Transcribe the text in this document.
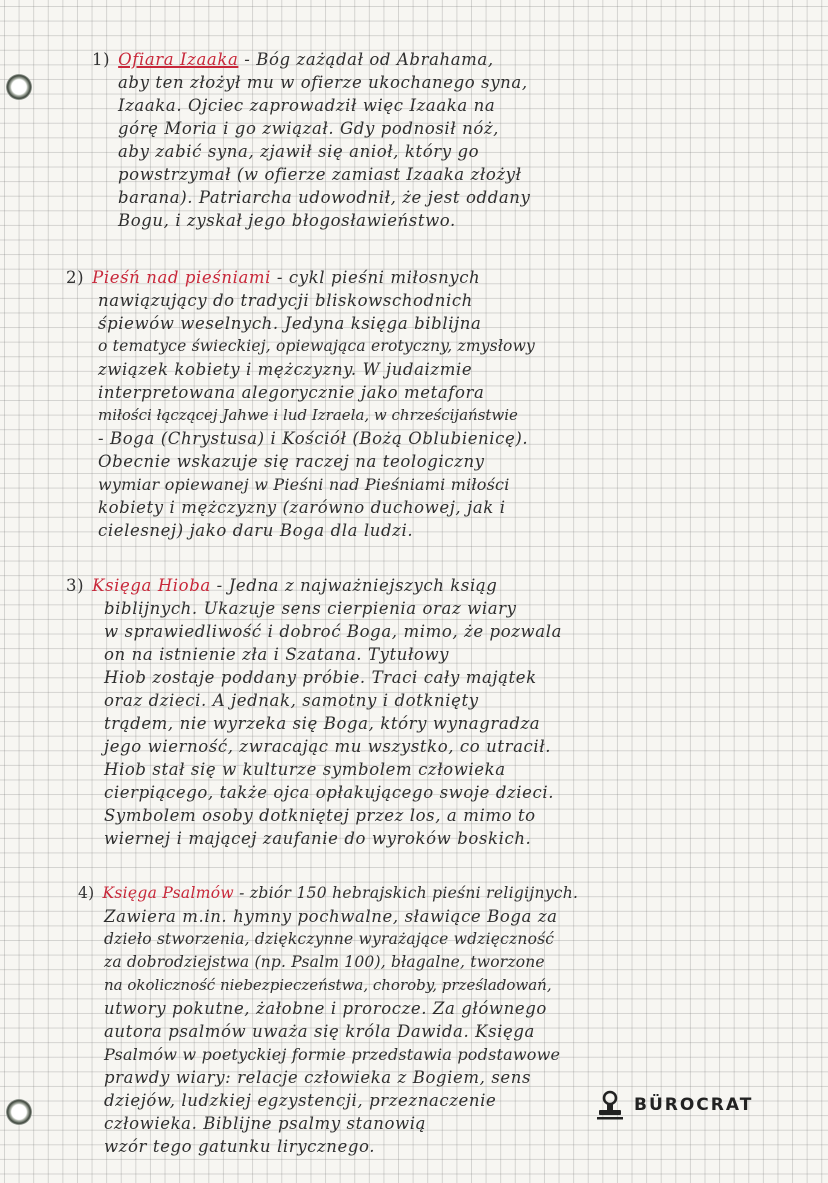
1) Ofiara Izaaka - Bóg zażądał od Abrahama,
aby ten złożył mu w ofierze ukochanego syna,
Izaaka. Ojciec zaprowadził więc Izaaka na
górę Moria i go związał. Gdy podnosił nóż,
aby zabić syna, zjawił się anioł, który go
powstrzymał (w ofierze zamiast Izaaka złożył
barana). Patriarcha udowodnił, że jest oddany
Bogu, i zyskał jego błogosławieństwo.
2) Pieśń nad pieśniami - cykl pieśni miłosnych
nawiązujący do tradycji bliskowschodnich
śpiewów weselnych. Jedyna księga biblijna
o tematyce świeckiej, opiewająca erotyczny, zmysłowy
związek kobiety i mężczyzny. W judaizmie
interpretowana alegorycznie jako metafora
miłości łączącej Jahwe i lud Izraela, w chrześcijaństwie
- Boga (Chrystusa) i Kościół (Bożą Oblubienicę).
Obecnie wskazuje się raczej na teologiczny
wymiar opiewanej w Pieśni nad Pieśniami miłości
kobiety i mężczyzny (zarówno duchowej, jak i
cielesnej) jako daru Boga dla ludzi.
3) Księga Hioba - Jedna z najważniejszych ksiąg
biblijnych. Ukazuje sens cierpienia oraz wiary
w sprawiedliwość i dobroć Boga, mimo, że pozwala
on na istnienie zła i Szatana. Tytułowy
Hiob zostaje poddany próbie. Traci cały majątek
oraz dzieci. A jednak, samotny i dotknięty
trądem, nie wyrzeka się Boga, który wynagradza
jego wierność, zwracając mu wszystko, co utracił.
Hiob stał się w kulturze symbolem człowieka
cierpiącego, także ojca opłakującego swoje dzieci.
Symbolem osoby dotkniętej przez los, a mimo to
wiernej i mającej zaufanie do wyroków boskich.
4) Księga Psalmów - zbiór 150 hebrajskich pieśni religijnych.
Zawiera m.in. hymny pochwalne, sławiące Boga za
dzieło stworzenia, dziękczynne wyrażające wdzięczność
za dobrodziejstwa (np. Psalm 100), błagalne, tworzone
na okoliczność niebezpieczeństwa, choroby, prześladowań,
utwory pokutne, żałobne i prorocze. Za głównego
autora psalmów uważa się króla Dawida. Księga
Psalmów w poetyckiej formie przedstawia podstawowe
prawdy wiary: relacje człowieka z Bogiem, sens
dziejów, ludzkiej egzystencji, przeznaczenie
człowieka. Biblijne psalmy stanowią
wzór tego gatunku lirycznego.
BÜROCRAT
